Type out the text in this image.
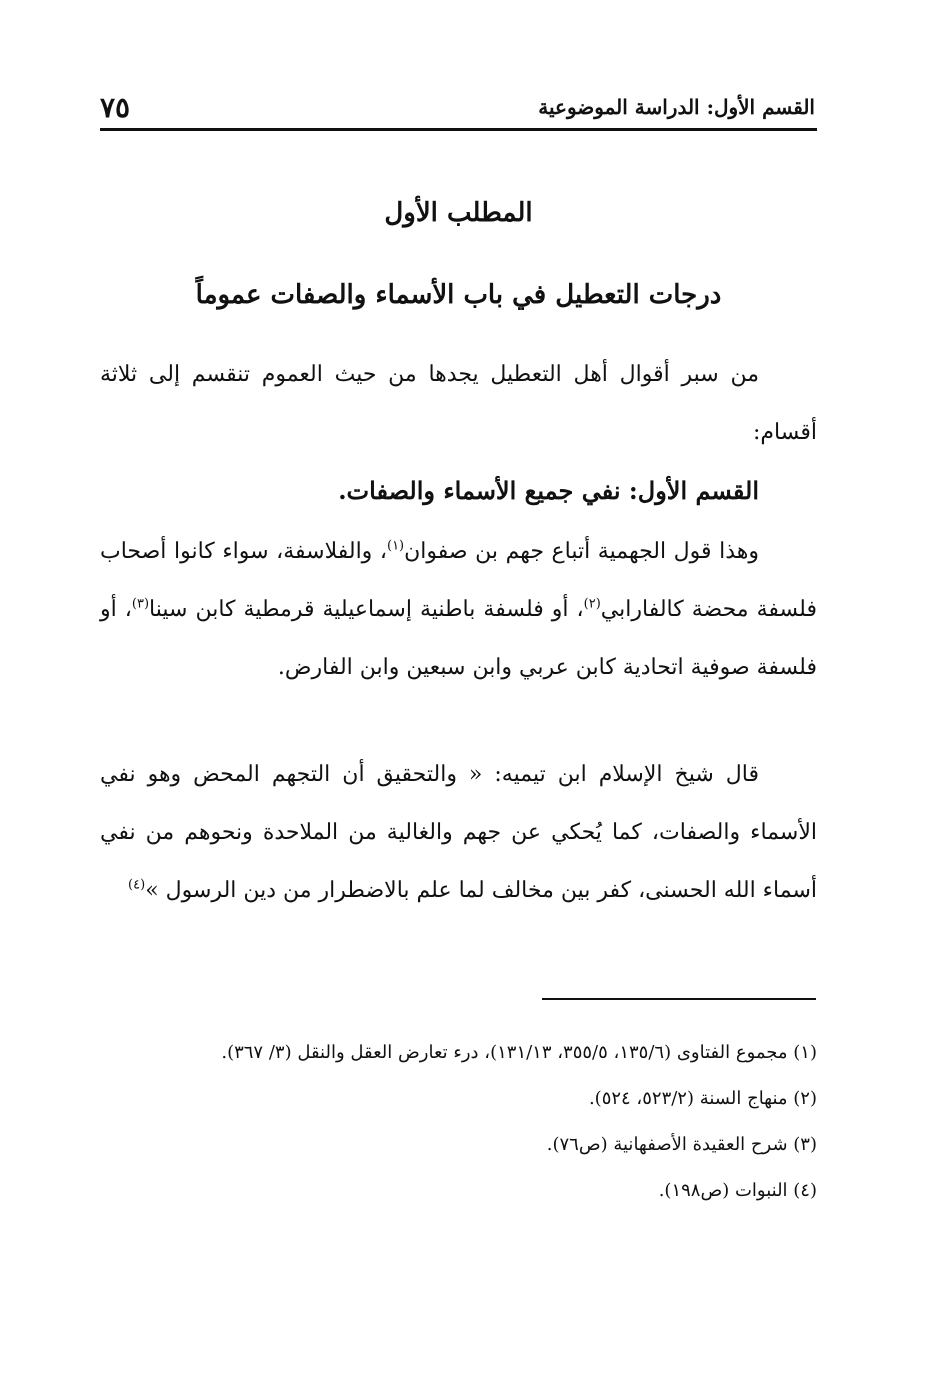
القسم الأول: الدراسة الموضوعية
٧٥
المطلب الأول
درجات التعطيل في باب الأسماء والصفات عموماً

من سبر أقوال أهل التعطيل يجدها من حيث العموم تنقسم إلى ثلاثة أقسام:

القسم الأول: نفي جميع الأسماء والصفات.

وهذا قول الجهمية أتباع جهم بن صفوان$^{(١)}$، والفلاسفة، سواء كانوا أصحاب فلسفة محضة كالفارابي$^{(٢)}$، أو فلسفة باطنية إسماعيلية قرمطية كابن سينا$^{(٣)}$، أو فلسفة صوفية اتحادية كابن عربي وابن سبعين وابن الفارض.

قال شيخ الإسلام ابن تيميه: « والتحقيق أن التجهم المحض وهو نفي الأسماء والصفات، كما يُحكي عن جهم والغالية من الملاحدة ونحوهم من نفي أسماء الله الحسنى، كفر بين مخالف لما علم بالاضطرار من دين الرسول »$^{(٤)}$

(١) مجموع الفتاوى (١٣٥/٦، ٣٥٥/٥، ١٣١/١٣)، درء تعارض العقل والنقل (٣/ ٣٦٧).

(٢) منهاج السنة (٥٢٣/٢، ٥٢٤).

(٣) شرح العقيدة الأصفهانية (ص٧٦).

(٤) النبوات (ص١٩٨).
